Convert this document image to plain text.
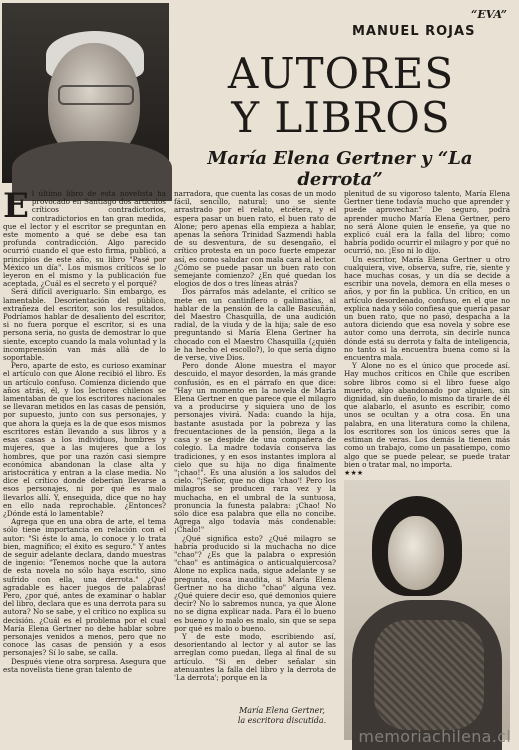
“EVA”
MANUEL ROJAS
AUTORES
Y LIBROS
María Elena Gertner y “La derrota”
E l último libro de esta novelista ha provocado en Santiago dos artículos críticos contradictorios, contradictorios en tan gran medida, que el lector y el escritor se preguntan en este momento a qué se debe esa tan profunda contradicción. Algo parecido ocurrió cuando el que esto firma, publicó, a principios de este año, su libro "Pasé por México un día". Los mismos críticos se lo leyeron en el mismo y la publicación fue aceptada, ¿Cuál es el secreto y el porqué?

Será difícil averiguarlo. Sin embargo, es lamentable. Desorientación del público, extrañeza del escritor, son los resultados. Podríamos hablar de desaliento del escritor, si no fuera porque el escritor, si es una persona seria, no gusta de demostrar lo que siente, excepto cuando la mala voluntad y la incomprensión van más allá de lo soportable.

Pero, aparte de esto, es curioso examinar el artículo con que Alone recibió el libro. Es un artículo confuso. Comienza diciendo que años atrás, él, y los lectores chilenos se lamentaban de que los escritores nacionales se llevaran metidos en las casas de pensión, por supuesto, junto con sus personajes, y que ahora la queja es la de que esos mismos escritores están llevando a sus libros y a esas casas a los individuos, hombres y mujeres, que a las mujeres que a los hombres, que por una razón casi siempre económica abandonan la clase alta y aristocrática y entran a la clase media. No dice el crítico donde deberían llevarse a esos personajes, ni por qué es malo llevarlos allí. Y, enseguida, dice que no hay en ello nada reprochable. ¿Entonces? ¿Dónde está lo lamentable?

Agrega que en una obra de arte, el tema sólo tiene importancia en relación con el autor: "Si éste lo ama, lo conoce y lo trata bien, magnífico; el éxito es seguro." Y antes de seguir adelante declara, dando muestras de ingenio: "Tenemos noche que la autora de esta novela no sólo haya escrito, sino sufrido con ella, una derrota." ¿Qué agradable es hacer juegos de palabras! Pero, ¿por qué, antes de examinar o hablar del libro, declara que es una derrota para su autora? No se sabe, y el crítico no explica su decisión. ¿Cuál es el problema por el cual María Elena Gertner no debe hablar sobre personajes venidos a menos, pero que no conoce las casas de pensión y a esos personajes? Sí lo sabe, se calla.

Después viene otra sorpresa. Asegura que esta novelista tiene gran talento de

narradora, que cuenta las cosas de un modo fácil, sencillo, natural; uno se siente arrastrado por el relato, etcétera, y el espera pasar un buen rato, el buen rato de Alone; pero apenas ella empieza a hablar, apenas la señora Trinidad Sazmendi habla de su desventura, de su desengaño, el crítico protesta en un poco fuerte empezar así, es como saludar con mala cara al lector. ¿Cómo se puede pasar un buen rato con semejante comienzo? ¿En qué quedan los elogios de dos o tres líneas atrás?

Dos párrafos más adelante, el crítico se mete en un cantinflero o galimatías, al hablar de la pensión de la calle Bascuñán, del Maestro Chasquilla, de una audición radial, de la viuda y de la hija; sale de eso preguntando si María Elena Gertner ha chocado con el Maestro Chasquilla (¿quién le ha hecho el escollo?), lo que sería digno de verse, vive Dios.

Pero donde Alone muestra el mayor descuido, el mayor desorden, la más grande confusión, es en el párrafo en que dice: "Hay un momento en la novela de María Elena Gertner en que parece que el milagro va a producirse y siquiera uno de los personajes vivirá. Nada: cuando la hija, bastante asustada por la pobreza y las frecuentaciones de la pensión, llega a la casa y se despide de una compañera de colegio. La madre todavía conserva las tradiciones, y en esos instantes implora al cielo que su hija no diga finalmente "¡chao!". Es una alusión a los saludos del cielo. "¡Señor, que no diga 'chao'! Pero los milagros se producen rara vez y la muchacha, en el umbral de la suntuosa, pronuncia la funesta palabra: ¡Chao! No sólo dice esa palabra que ella no concibe. Agrega algo todavía más condenable: ¡Chalo!"

¿Qué significa esto? ¿Qué milagro se habría producido si la muchacha no dice "chao"? ¿Es que la palabra o expresión "chao" es antimágica o anticualquiercosa? Alone no explica nada, sigue adelante y se pregunta, cosa inaudita, si María Elena Gertner no ha dicho "chao" alguna vez. ¿Qué quiere decir eso, qué demonios quiere decir? No lo sabremos nunca, ya que Alone no se digna explicar nada. Para él lo bueno es bueno y lo malo es malo, sin que se sepa por qué es malo o bueno.

Y de este modo, escribiendo así, desorientando al lector y al autor se las arreglan como puedan, llega al final de su artículo. "Si en deber señalar sin atenuantes la falla del libro y la derrota de 'La derrota'; porque en la

plenitud de su vigoroso talento, María Elena Gertner tiene todavía mucho que aprender y puede aprovechar." De seguro, podrá aprender mucho María Elena Gertner, pero no será Alone quien le enseñe, ya que no explicó cuál era la falla del libro; como habría podido ocurrir el milagro y por qué no ocurrió, no. ¡Eso ni lo dijo.

Un escritor, María Elena Gertner u otro cualquiera, vive, observa, sufre, ríe, siente y hace muchas cosas, y un día se decide a escribir una novela, demora en ella meses o años, y por fin la publica. Un crítico, en un artículo desordenado, confuso, en el que no explica nada y sólo confiesa que quería pasar un buen rato, que no pasó, despacha a la autora diciendo que esa novela y sobre ese autor como una derrota, sin decirle nunca dónde está su derrota y falta de inteligencia, no tanto si la encuentra buena como si la encuentra mala.

Y Alone no es el único que procede así. Hay muchos críticos en Chile que escriben sobre libros como si el libro fuese algo muerto, algo abandonado por alguien, sin dignidad, sin dueño, lo mismo da tirarle de él que alabarlo, el asunto es escribir, como unos se ocultan y a otra cosa. En una palabra, en una literatura como la chilena, los escritores son los únicos seres que la estiman de veras. Los demás la tienen más como un trabajo, como un pasatiempo, como algo que se puede pelear, se puede tratar bien o tratar mal, no importa.

★★★
María Elena Gertner,
la escritora discutida.
memoriachilena.cl
